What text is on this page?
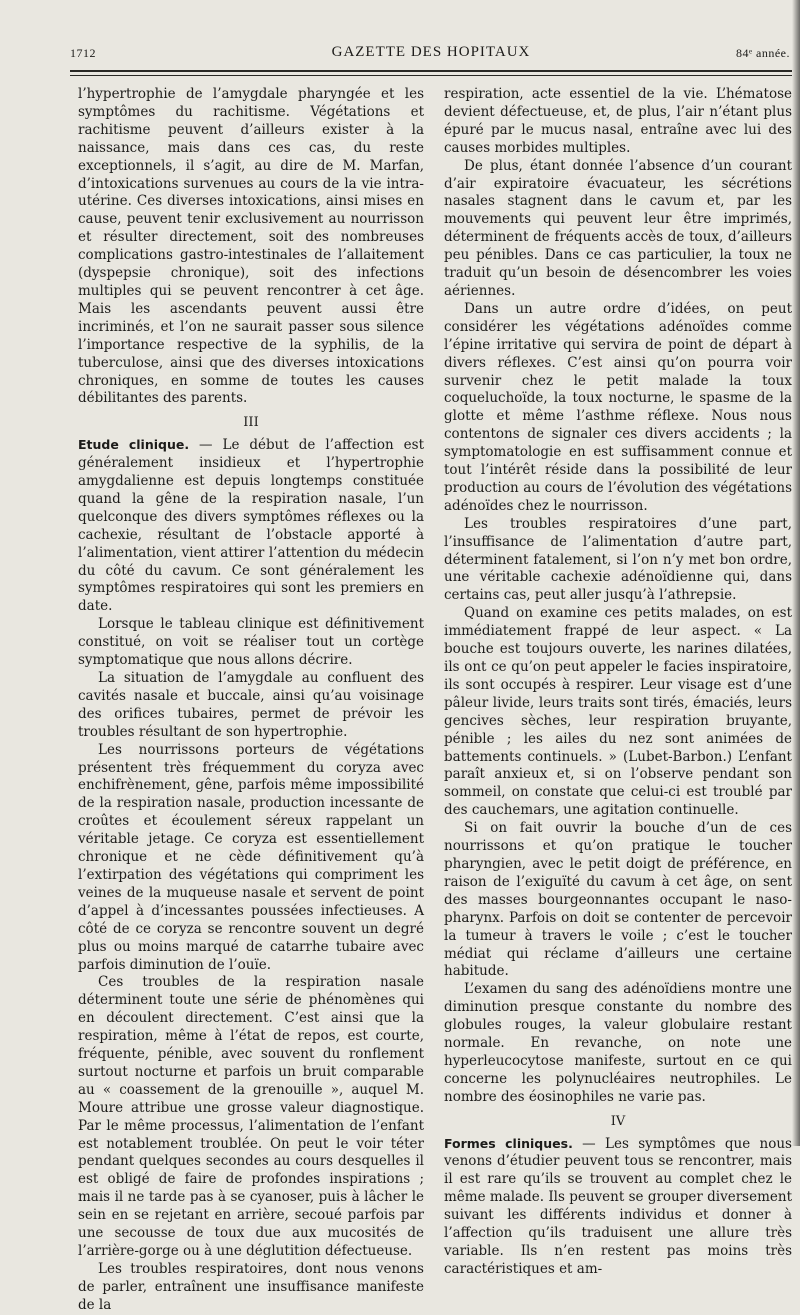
1712	GAZETTE DES HOPITAUX	84ᵉ année.

l’hypertrophie de l’amygdale pharyngée et les symptômes du rachitisme. Végétations et rachitisme peuvent d’ailleurs exister à la naissance, mais dans ces cas, du reste exceptionnels, il s’agit, au dire de M. Marfan, d’intoxications survenues au cours de la vie intra-utérine. Ces diverses intoxications, ainsi mises en cause, peuvent tenir exclusivement au nourrisson et résulter directement, soit des nombreuses complications gastro-intestinales de l’allaitement (dyspepsie chronique), soit des infections multiples qui se peuvent rencontrer à cet âge. Mais les ascendants peuvent aussi être incriminés, et l’on ne saurait passer sous silence l’importance respective de la syphilis, de la tuberculose, ainsi que des diverses intoxications chroniques, en somme de toutes les causes débilitantes des parents.

III

Etude clinique. — Le début de l’affection est généralement insidieux et l’hypertrophie amygdalienne est depuis longtemps constituée quand la gêne de la respiration nasale, l’un quelconque des divers symptômes réflexes ou la cachexie, résultant de l’obstacle apporté à l’alimentation, vient attirer l’attention du médecin du côté du cavum. Ce sont généralement les symptômes respiratoires qui sont les premiers en date.

Lorsque le tableau clinique est définitivement constitué, on voit se réaliser tout un cortège symptomatique que nous allons décrire.

La situation de l’amygdale au confluent des cavités nasale et buccale, ainsi qu’au voisinage des orifices tubaires, permet de prévoir les troubles résultant de son hypertrophie.

Les nourrissons porteurs de végétations présentent très fréquemment du coryza avec enchifrènement, gêne, parfois même impossibilité de la respiration nasale, production incessante de croûtes et écoulement séreux rappelant un véritable jetage. Ce coryza est essentiellement chronique et ne cède définitivement qu’à l’extirpation des végétations qui compriment les veines de la muqueuse nasale et servent de point d’appel à d’incessantes poussées infectieuses. A côté de ce coryza se rencontre souvent un degré plus ou moins marqué de catarrhe tubaire avec parfois diminution de l’ouïe.

Ces troubles de la respiration nasale déterminent toute une série de phénomènes qui en découlent directement. C’est ainsi que la respiration, même à l’état de repos, est courte, fréquente, pénible, avec souvent du ronflement surtout nocturne et parfois un bruit comparable au « coassement de la grenouille », auquel M. Moure attribue une grosse valeur diagnostique. Par le même processus, l’alimentation de l’enfant est notablement troublée. On peut le voir téter pendant quelques secondes au cours desquelles il est obligé de faire de profondes inspirations ; mais il ne tarde pas à se cyanoser, puis à lâcher le sein en se rejetant en arrière, secoué parfois par une secousse de toux due aux mucosités de l’arrière-gorge ou à une déglutition défectueuse.

Les troubles respiratoires, dont nous venons de parler, entraînent une insuffisance manifeste de la

respiration, acte essentiel de la vie. L’hématose devient défectueuse, et, de plus, l’air n’étant plus épuré par le mucus nasal, entraîne avec lui des causes morbides multiples.

De plus, étant donnée l’absence d’un courant d’air expiratoire évacuateur, les sécrétions nasales stagnent dans le cavum et, par les mouvements qui peuvent leur être imprimés, déterminent de fréquents accès de toux, d’ailleurs peu pénibles. Dans ce cas particulier, la toux ne traduit qu’un besoin de désencombrer les voies aériennes.

Dans un autre ordre d’idées, on peut considérer les végétations adénoïdes comme l’épine irritative qui servira de point de départ à divers réflexes. C’est ainsi qu’on pourra voir survenir chez le petit malade la toux coqueluchoïde, la toux nocturne, le spasme de la glotte et même l’asthme réflexe. Nous nous contentons de signaler ces divers accidents ; la symptomatologie en est suffisamment connue et tout l’intérêt réside dans la possibilité de leur production au cours de l’évolution des végétations adénoïdes chez le nourrisson.

Les troubles respiratoires d’une part, l’insuffisance de l’alimentation d’autre part, déterminent fatalement, si l’on n’y met bon ordre, une véritable cachexie adénoïdienne qui, dans certains cas, peut aller jusqu’à l’athrepsie.

Quand on examine ces petits malades, on est immédiatement frappé de leur aspect. « La bouche est toujours ouverte, les narines dilatées, ils ont ce qu’on peut appeler le facies inspiratoire, ils sont occupés à respirer. Leur visage est d’une pâleur livide, leurs traits sont tirés, émaciés, leurs gencives sèches, leur respiration bruyante, pénible ; les ailes du nez sont animées de battements continuels. » (Lubet-Barbon.) L’enfant paraît anxieux et, si on l’observe pendant son sommeil, on constate que celui-ci est troublé par des cauchemars, une agitation continuelle.

Si on fait ouvrir la bouche d’un de ces nourrissons et qu’on pratique le toucher pharyngien, avec le petit doigt de préférence, en raison de l’exiguïté du cavum à cet âge, on sent des masses bourgeonnantes occupant le naso-pharynx. Parfois on doit se contenter de percevoir la tumeur à travers le voile ; c’est le toucher médiat qui réclame d’ailleurs une certaine habitude.

L’examen du sang des adénoïdiens montre une diminution presque constante du nombre des globules rouges, la valeur globulaire restant normale. En revanche, on note une hyperleucocytose manifeste, surtout en ce qui concerne les polynucléaires neutrophiles. Le nombre des éosinophiles ne varie pas.

IV

Formes cliniques. — Les symptômes que nous venons d’étudier peuvent tous se rencontrer, mais il est rare qu’ils se trouvent au complet chez le même malade. Ils peuvent se grouper diversement suivant les différents individus et donner à l’affection qu’ils traduisent une allure très variable. Ils n’en restent pas moins très caractéristiques et am-
